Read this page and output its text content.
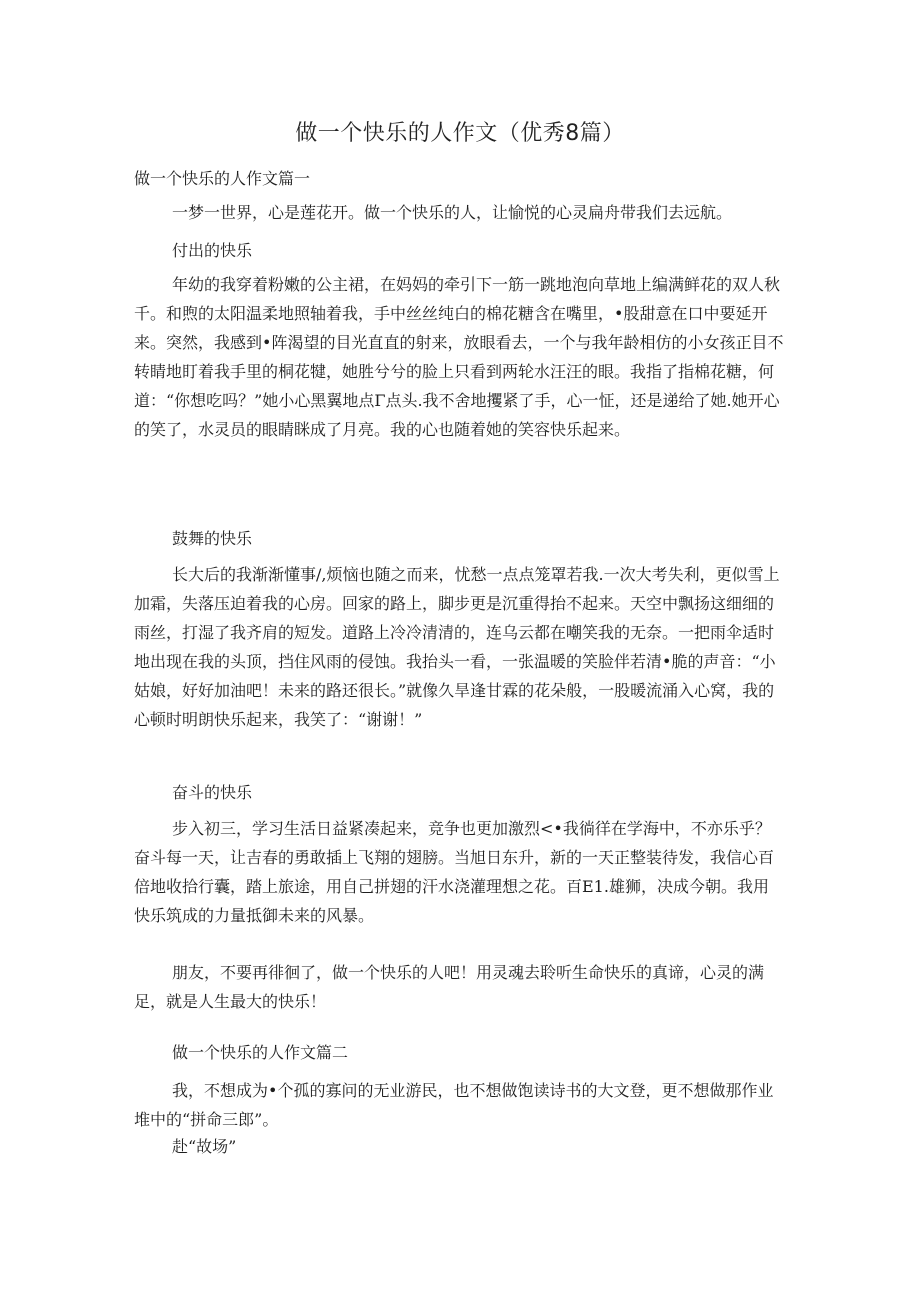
做一个快乐的人作文（优秀8篇）

做一个快乐的人作文篇一

一梦一世界，心是莲花开。做一个快乐的人，让愉悦的心灵扁舟带我们去远航。

付出的快乐

年幼的我穿着粉嫩的公主裙，在妈妈的牵引下一筋一跳地泡向草地上编满鲜花的双人秋千。和煦的太阳温柔地照轴着我，手中丝丝纯白的棉花糖含在嘴里，•股甜意在口中要延开来。突然，我感到•阵渴望的目光直直的射来，放眼看去，一个与我年龄相仿的小女孩正目不转睛地盯着我手里的桐花犍，她胜兮兮的脸上只看到两轮水汪汪的眼。我指了指棉花糖，何道：“你想吃吗？”她小心黑翼地点Γ点头.我不舍地攫紧了手，心一怔，还是递给了她.她开心的笑了，水灵员的眼睛眯成了月亮。我的心也随着她的笑容快乐起来。

鼓舞的快乐

长大后的我渐渐懂事/,烦恼也随之而来，忧愁一点点笼罩若我.一次大考失利，更似雪上加霜，失落压迫着我的心房。回家的路上，脚步更是沉重得抬不起来。天空中飘扬这细细的雨丝，打湿了我齐肩的短发。道路上冷冷清清的，连乌云都在嘲笑我的无奈。一把雨伞适时地出现在我的头顶，挡住风雨的侵蚀。我抬头一看，一张温暖的笑脸伴若清•脆的声音：“小姑娘，好好加油吧！未来的路还很长。”就像久旱逢甘霖的花朵般，一股暖流涌入心窝，我的心顿时明朗快乐起来，我笑了：“谢谢！”

奋斗的快乐

步入初三，学习生活日益紧凑起来，竞争也更加激烈<•我徜徉在学海中，不亦乐乎？奋斗每一天，让吉春的勇敢插上飞翔的翅膀。当旭日东升，新的一天正整装待发，我信心百倍地收拾行囊，踏上旅途，用自己拼翅的汗水浇灌理想之花。百E1.雄狮，决成今朝。我用快乐筑成的力量抵御未来的风暴。

朋友，不要再徘徊了，做一个快乐的人吧！用灵魂去聆听生命快乐的真谛，心灵的满足，就是人生最大的快乐！

做一个快乐的人作文篇二

我，不想成为•个孤的寡问的无业游民，也不想做饱读诗书的大文登，更不想做那作业堆中的“拼命三郎”。

赴“故场”
